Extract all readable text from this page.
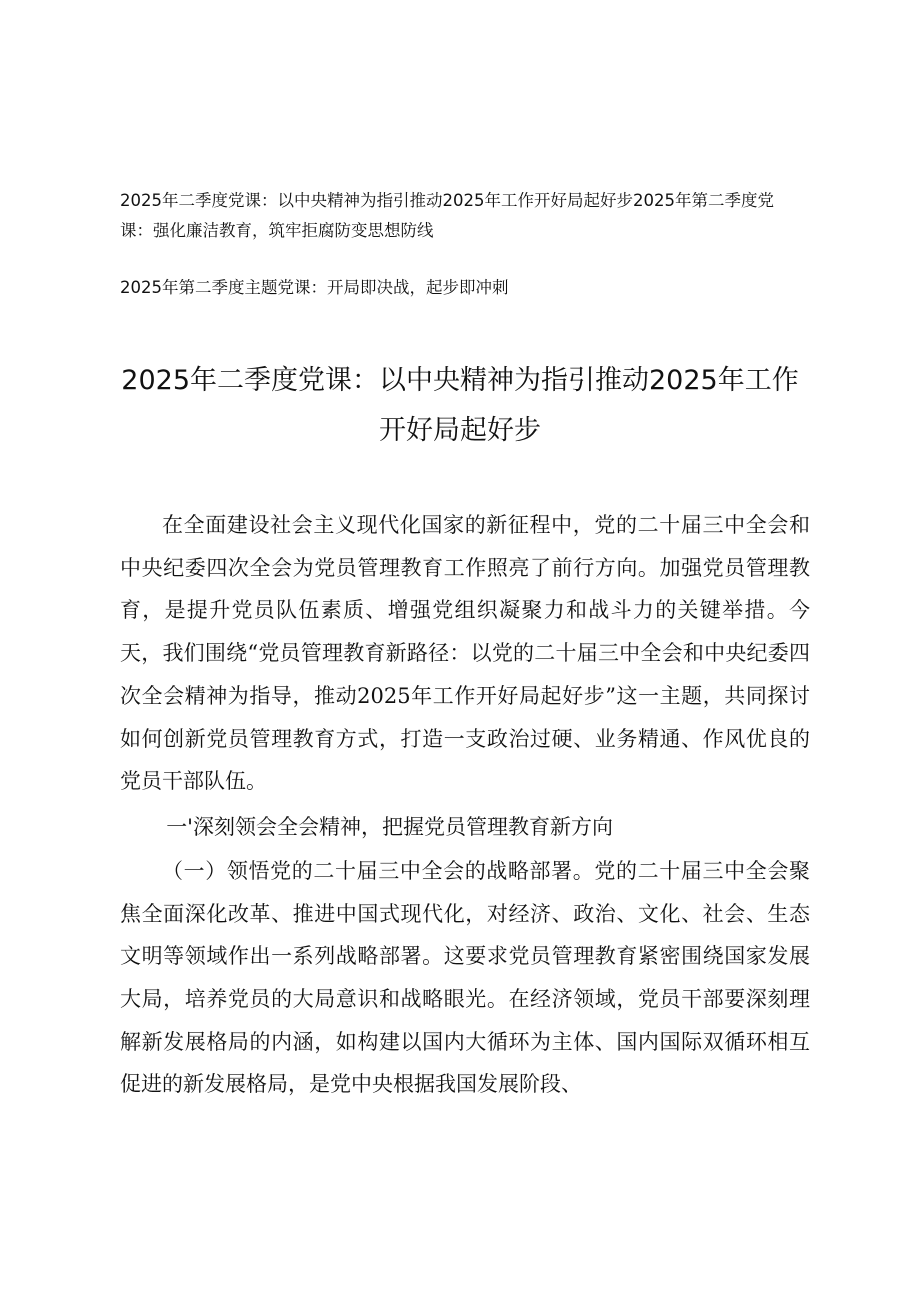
2025年二季度党课：以中央精神为指引推动2025年工作开好局起好步2025年第二季度党课：强化廉洁教育，筑牢拒腐防变思想防线

2025年第二季度主题党课：开局即决战，起步即冲刺

2025年二季度党课：以中央精神为指引推动2025年工作
开好局起好步

在全面建设社会主义现代化国家的新征程中，党的二十届三中全会和中央纪委四次全会为党员管理教育工作照亮了前行方向。加强党员管理教育，是提升党员队伍素质、增强党组织凝聚力和战斗力的关键举措。今天，我们围绕“党员管理教育新路径：以党的二十届三中全会和中央纪委四次全会精神为指导，推动2025年工作开好局起好步”这一主题，共同探讨如何创新党员管理教育方式，打造一支政治过硬、业务精通、作风优良的党员干部队伍。

一'深刻领会全会精神，把握党员管理教育新方向

（一）领悟党的二十届三中全会的战略部署。党的二十届三中全会聚焦全面深化改革、推进中国式现代化，对经济、政治、文化、社会、生态文明等领域作出一系列战略部署。这要求党员管理教育紧密围绕国家发展大局，培养党员的大局意识和战略眼光。在经济领域，党员干部要深刻理解新发展格局的内涵，如构建以国内大循环为主体、国内国际双循环相互促进的新发展格局，是党中央根据我国发展阶段、
